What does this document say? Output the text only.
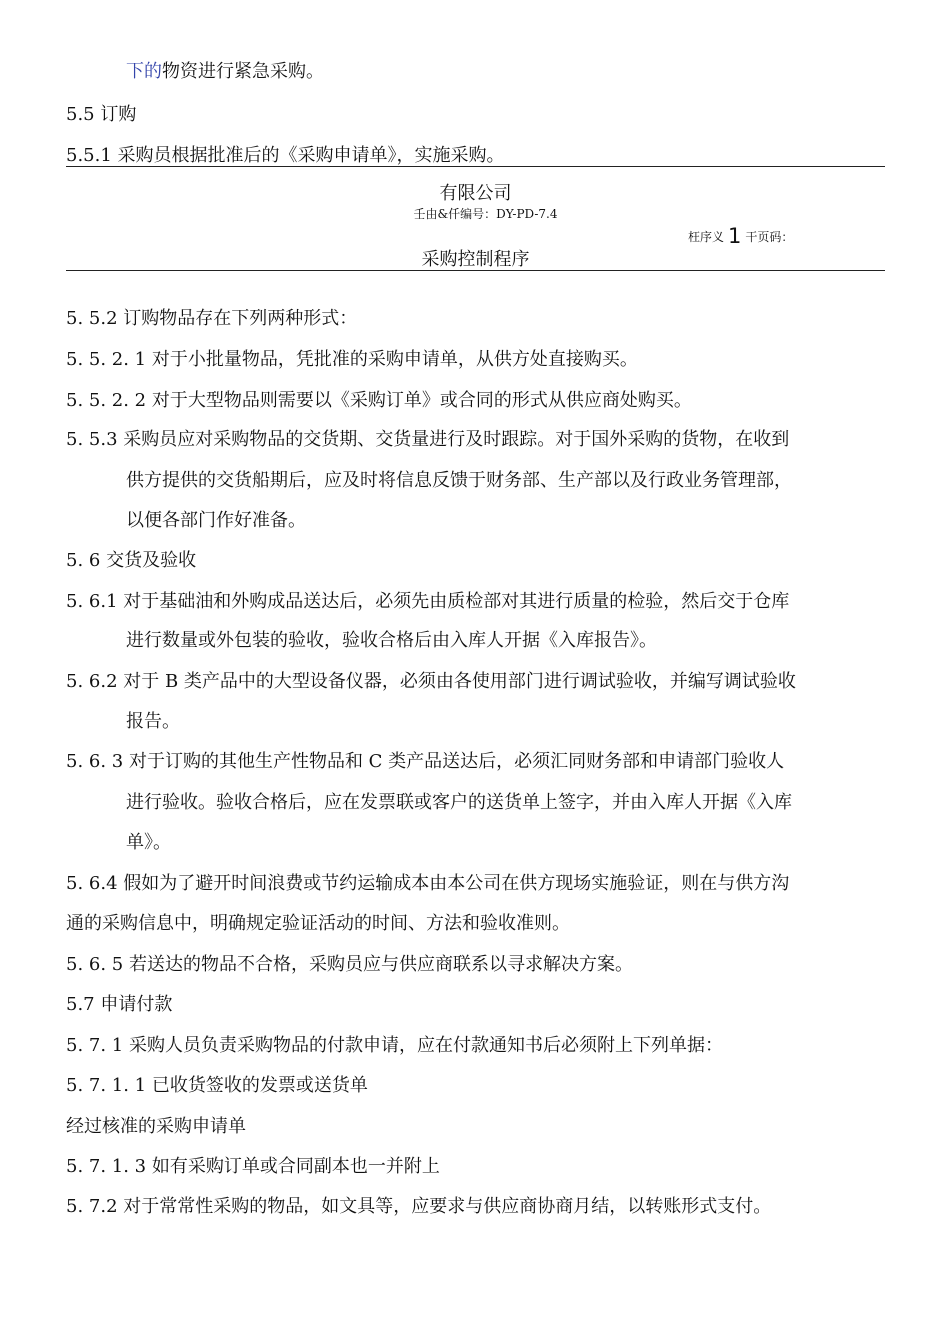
下的物资进行紧急采购。
5.5 订购
5.5.1 采购员根据批准后的《采购申请单》，实施采购。
有限公司
壬由&仟编号：DY-PD-7.4
枉序义 1 干页码：
采购控制程序
5. 5.2 订购物品存在下列两种形式：
5. 5. 2. 1 对于小批量物品，凭批准的采购申请单，从供方处直接购买。
5. 5. 2. 2 对于大型物品则需要以《采购订单》或合同的形式从供应商处购买。
5. 5.3 采购员应对采购物品的交货期、交货量进行及时跟踪。对于国外采购的货物，在收到
供方提供的交货船期后，应及时将信息反馈于财务部、生产部以及行政业务管理部，
以便各部门作好准备。
5. 6 交货及验收
5. 6.1 对于基础油和外购成品送达后，必须先由质检部对其进行质量的检验，然后交于仓库
进行数量或外包装的验收，验收合格后由入库人开据《入库报告》。
5. 6.2 对于 B 类产品中的大型设备仪器，必须由各使用部门进行调试验收，并编写调试验收
报告。
5. 6. 3 对于订购的其他生产性物品和 C 类产品送达后，必须汇同财务部和申请部门验收人
进行验收。验收合格后，应在发票联或客户的送货单上签字，并由入库人开据《入库
单》。
5. 6.4 假如为了避开时间浪费或节约运输成本由本公司在供方现场实施验证，则在与供方沟
通的采购信息中，明确规定验证活动的时间、方法和验收准则。
5. 6. 5 若送达的物品不合格，采购员应与供应商联系以寻求解决方案。
5.7 申请付款
5. 7. 1 采购人员负责采购物品的付款申请，应在付款通知书后必须附上下列单据：
5. 7. 1. 1 已收货签收的发票或送货单
经过核准的采购申请单
5. 7. 1. 3 如有采购订单或合同副本也一并附上
5. 7.2 对于常常性采购的物品，如文具等，应要求与供应商协商月结，以转账形式支付。
